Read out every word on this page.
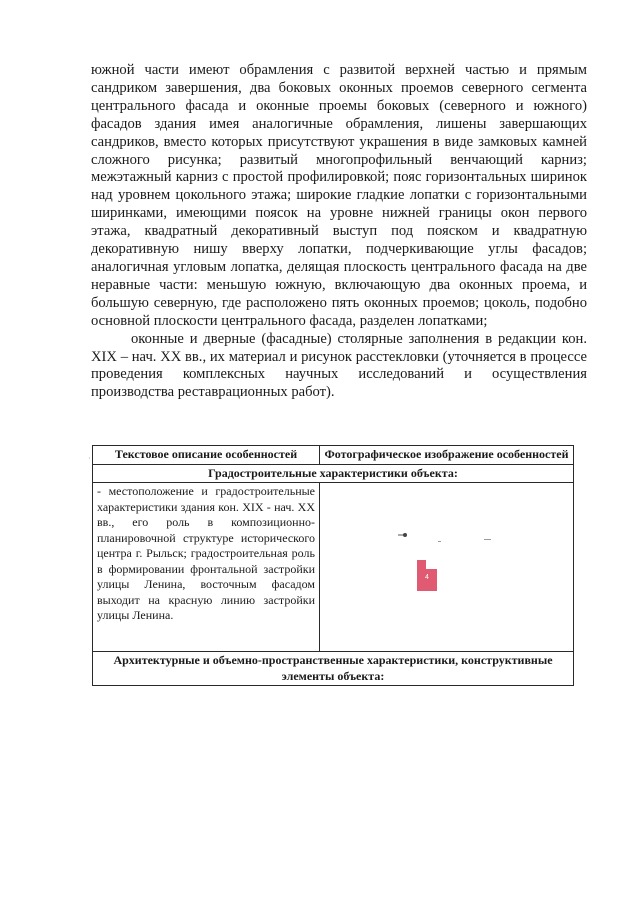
южной части имеют обрамления с развитой верхней частью и прямым сандриком завершения, два боковых оконных проемов северного сегмента центрального фасада и оконные проемы боковых (северного и южного) фасадов здания имея аналогичные обрамления, лишены завершающих сандриков, вместо которых присутствуют украшения в виде замковых камней сложного рисунка; развитый многопрофильный венчающий карниз; межэтажный карниз с простой профилировкой; пояс горизонтальных ширинок над уровнем цокольного этажа; широкие гладкие лопатки с горизонтальными ширинками, имеющими поясок на уровне нижней границы окон первого этажа, квадратный декоративный выступ под пояском и квадратную декоративную нишу вверху лопатки, подчеркивающие углы фасадов; аналогичная угловым лопатка, делящая плоскость центрального фасада на две неравные части: меньшую южную, включающую два оконных проема, и большую северную, где расположено пять оконных проемов; цоколь, подобно основной плоскости центрального фасада, разделен лопатками;

оконные и дверные (фасадные) столярные заполнения в редакции кон. XIX – нач. XX вв., их материал и рисунок расстекловки (уточняется в процессе проведения комплексных научных исследований и осуществления производства реставрационных работ).

· Текстовое описание особенностей	Фотографическое изображение особенностей
Градостроительные характеристики объекта:	
- местоположение и градостроительные характеристики здания кон. XIX - нач. XX вв., его роль в композиционно-планировочной структуре исторического центра г. Рыльск; градостроительная роль в формировании фронтальной застройки улицы Ленина, восточным фасадом выходит на красную линию застройки улицы Ленина.	4

Архитектурные и объемно-пространственные характеристики, конструктивные элементы объекта:	
